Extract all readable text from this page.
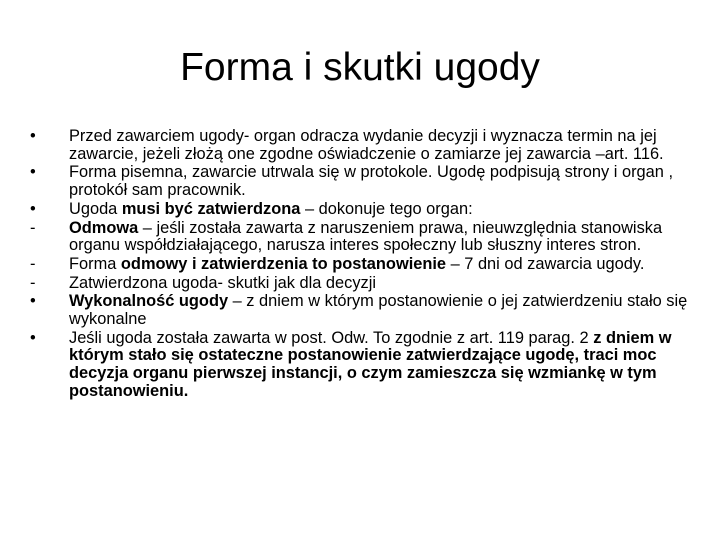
Forma i skutki ugody
•	Przed zawarciem ugody- organ odracza wydanie decyzji i wyznacza termin na jej zawarcie, jeżeli złożą one zgodne oświadczenie o zamiarze jej zawarcia –art. 116.
•	Forma pisemna, zawarcie utrwala się w protokole. Ugodę podpisują strony i organ , protokół sam pracownik.
•	Ugoda musi być zatwierdzona – dokonuje tego organ:
-	Odmowa – jeśli została zawarta z naruszeniem prawa, nieuwzględnia stanowiska organu współdziałającego, narusza interes społeczny lub słuszny interes stron.
-	Forma odmowy i zatwierdzenia to postanowienie – 7 dni od zawarcia ugody.
-	Zatwierdzona ugoda- skutki jak dla decyzji
•	Wykonalność ugody – z dniem w którym postanowienie o jej zatwierdzeniu stało się wykonalne
•	Jeśli ugoda została zawarta w post. Odw. To zgodnie z art. 119 parag. 2 z dniem w którym stało się ostateczne postanowienie zatwierdzające ugodę, traci moc decyzja organu pierwszej instancji, o czym zamieszcza się wzmiankę w tym postanowieniu.
